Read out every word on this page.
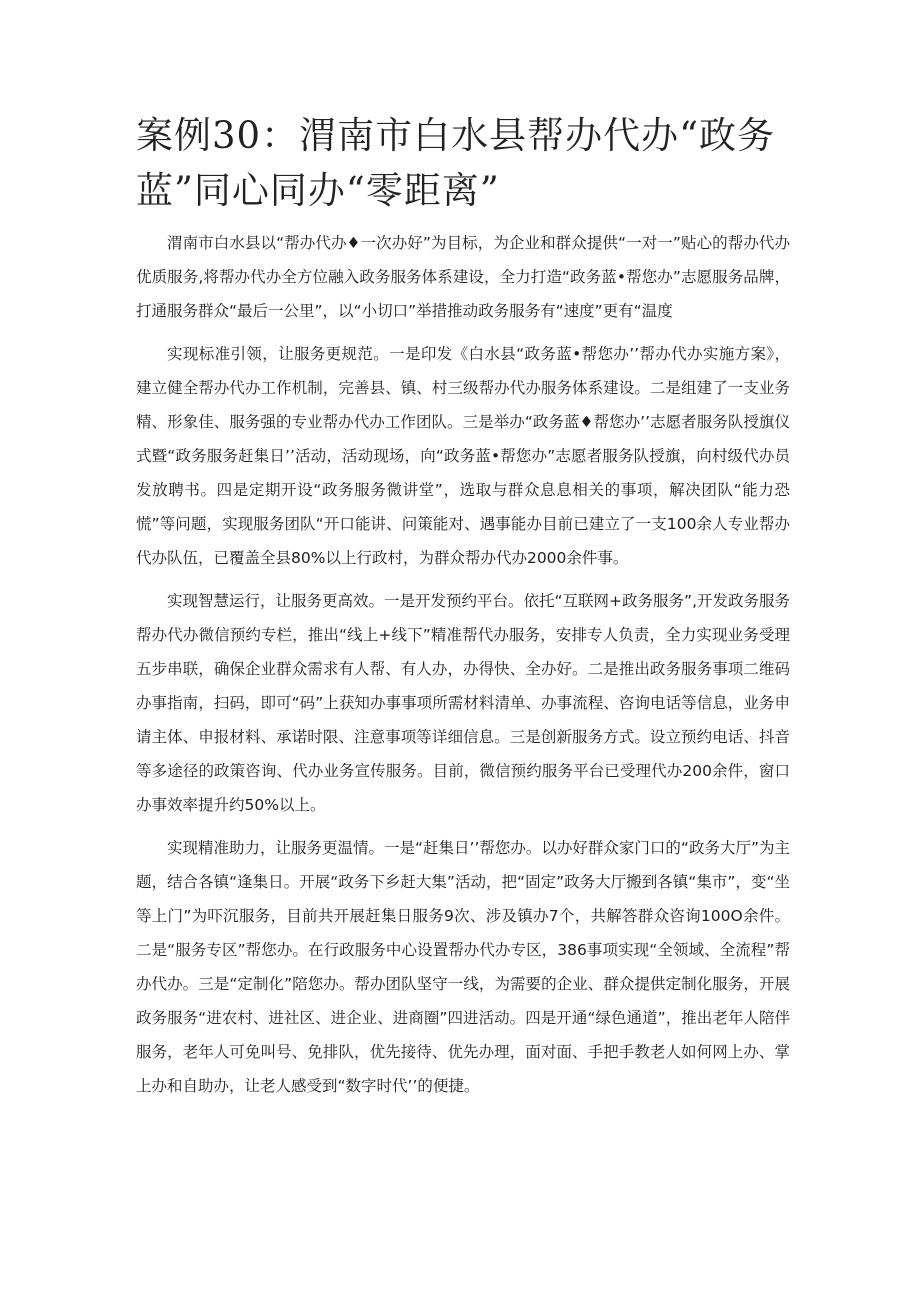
案例30：渭南市白水县帮办代办“政务蓝”同心同办“零距离”

渭南市白水县以“帮办代办♦一次办好”为目标，为企业和群众提供“一对一”贴心的帮办代办优质服务,将帮办代办全方位融入政务服务体系建设，全力打造“政务蓝•帮您办”志愿服务品牌，打通服务群众“最后一公里”，以“小切口”举措推动政务服务有“速度”更有“温度

实现标准引领，让服务更规范。一是印发《白水县“政务蓝•帮您办’’帮办代办实施方案》，建立健全帮办代办工作机制，完善县、镇、村三级帮办代办服务体系建设。二是组建了一支业务精、形象佳、服务强的专业帮办代办工作团队。三是举办“政务蓝♦帮您办’’志愿者服务队授旗仪式暨“政务服务赶集日’’活动，活动现场，向“政务蓝•帮您办”志愿者服务队授旗，向村级代办员发放聘书。四是定期开设“政务服务微讲堂”，选取与群众息息相关的事项，解决团队“能力恐慌”等问题，实现服务团队“开口能讲、问策能对、遇事能办目前已建立了一支100余人专业帮办代办队伍，已覆盖全县80%以上行政村，为群众帮办代办2000余件事。

实现智慧运行，让服务更高效。一是开发预约平台。依托“互联网+政务服务”,开发政务服务帮办代办微信预约专栏，推出“线上+线下”精准帮代办服务，安排专人负责，全力实现业务受理五步串联，确保企业群众需求有人帮、有人办，办得快、全办好。二是推出政务服务事项二维码办事指南，扫码，即可“码”上获知办事事项所需材料清单、办事流程、咨询电话等信息，业务申请主体、申报材料、承诺时限、注意事项等详细信息。三是创新服务方式。设立预约电话、抖音等多途径的政策咨询、代办业务宣传服务。目前，微信预约服务平台已受理代办200余件，窗口办事效率提升约50%以上。

实现精准助力，让服务更温情。一是“赶集日’’帮您办。以办好群众家门口的“政务大厅”为主题，结合各镇“逢集日。开展“政务下乡赶大集”活动，把“固定”政务大厅搬到各镇“集市”，变“坐等上门”为吓沉服务，目前共开展赶集日服务9次、涉及镇办7个，共解答群众咨询100O余件。二是“服务专区”帮您办。在行政服务中心设置帮办代办专区，386事项实现“全领域、全流程”帮办代办。三是“定制化”陪您办。帮办团队坚守一线，为需要的企业、群众提供定制化服务，开展政务服务“进农村、进社区、进企业、进商圈”四进活动。四是开通“绿色通道”，推出老年人陪伴服务，老年人可免叫号、免排队，优先接待、优先办理，面对面、手把手教老人如何网上办、掌上办和自助办，让老人感受到“数字时代’’的便捷。
